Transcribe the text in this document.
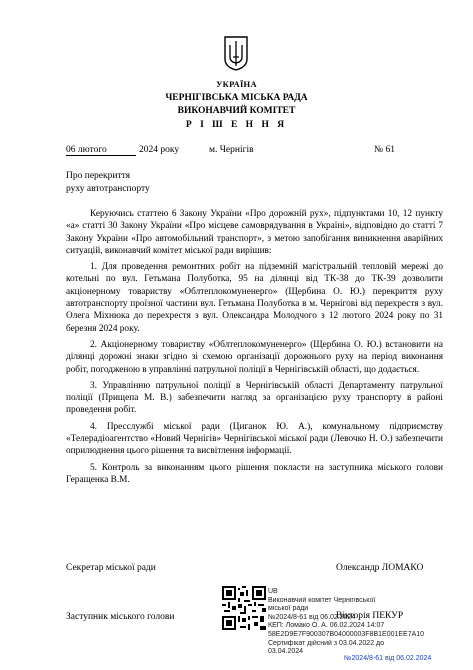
УКРАЇНА
ЧЕРНІГІВСЬКА МІСЬКА РАДА
ВИКОНАВЧИЙ КОМІТЕТ
Р І Ш Е Н Н Я
06 лютого	2024 року	м. Чернігів	№ 61
Про перекриття
руху автотранспорту

Керуючись статтею 6 Закону України «Про дорожній рух», підпунктами 10, 12 пункту «а» статті 30 Закону України «Про місцеве самоврядування в Україні», відповідно до статті 7 Закону України «Про автомобільний транспорт», з метою запобігання виникнення аварійних ситуацій, виконавчий комітет міської ради вирішив:

1. Для проведення ремонтних робіт на підземній магістральній тепловій мережі до котельні по вул. Гетьмана Полуботка, 95 на ділянці від ТК-38 до ТК-39 дозволити акціонерному товариству «Облтеплокомуненерго» (Щербина О. Ю.) перекриття руху автотранспорту проїзної частини вул. Гетьмана Полуботка в м. Чернігові від перехрестя з вул. Олега Міхнюка до перехрестя з вул. Олександра Молодчого з 12 лютого 2024 року по 31 березня 2024 року.

2. Акціонерному товариству «Облтеплокомуненерго» (Щербина О. Ю.) встановити на ділянці дорожні знаки згідно зі схемою організації дорожнього руху на період виконання робіт, погодженою в управлінні патрульної поліції в Чернігівській області, що додається.

3. Управлінню патрульної поліції в Чернігівській області Департаменту патрульної поліції (Прищепа М. В.) забезпечити нагляд за організацією руху транспорту в районі проведення робіт.

4. Пресслужбі міської ради (Циганок Ю. А.), комунальному підприємству «Телерадіоагентство «Новий Чернігів» Чернігівської міської ради (Левочко Н. О.) забезпечити оприлюднення цього рішення та висвітлення інформації.

5. Контроль за виконанням цього рішення покласти на заступника міського голови Геращенка В.М.

Секретар міської ради	Олександр ЛОМАКО
Заступник міського голови
UB
Виконавчий комітет Чернігівської
міської ради
№2024/8-61 від 06.02.2024
КЕП: Ломако О. А. 06.02.2024 14:07
58E2D9E7F900307B04000003F8B1E001EE7A10
Сертифікат дійсний з 03.04.2022 до
03.04.2024
Вікторія ПЕКУР
№2024/8-61 від 06.02.2024
